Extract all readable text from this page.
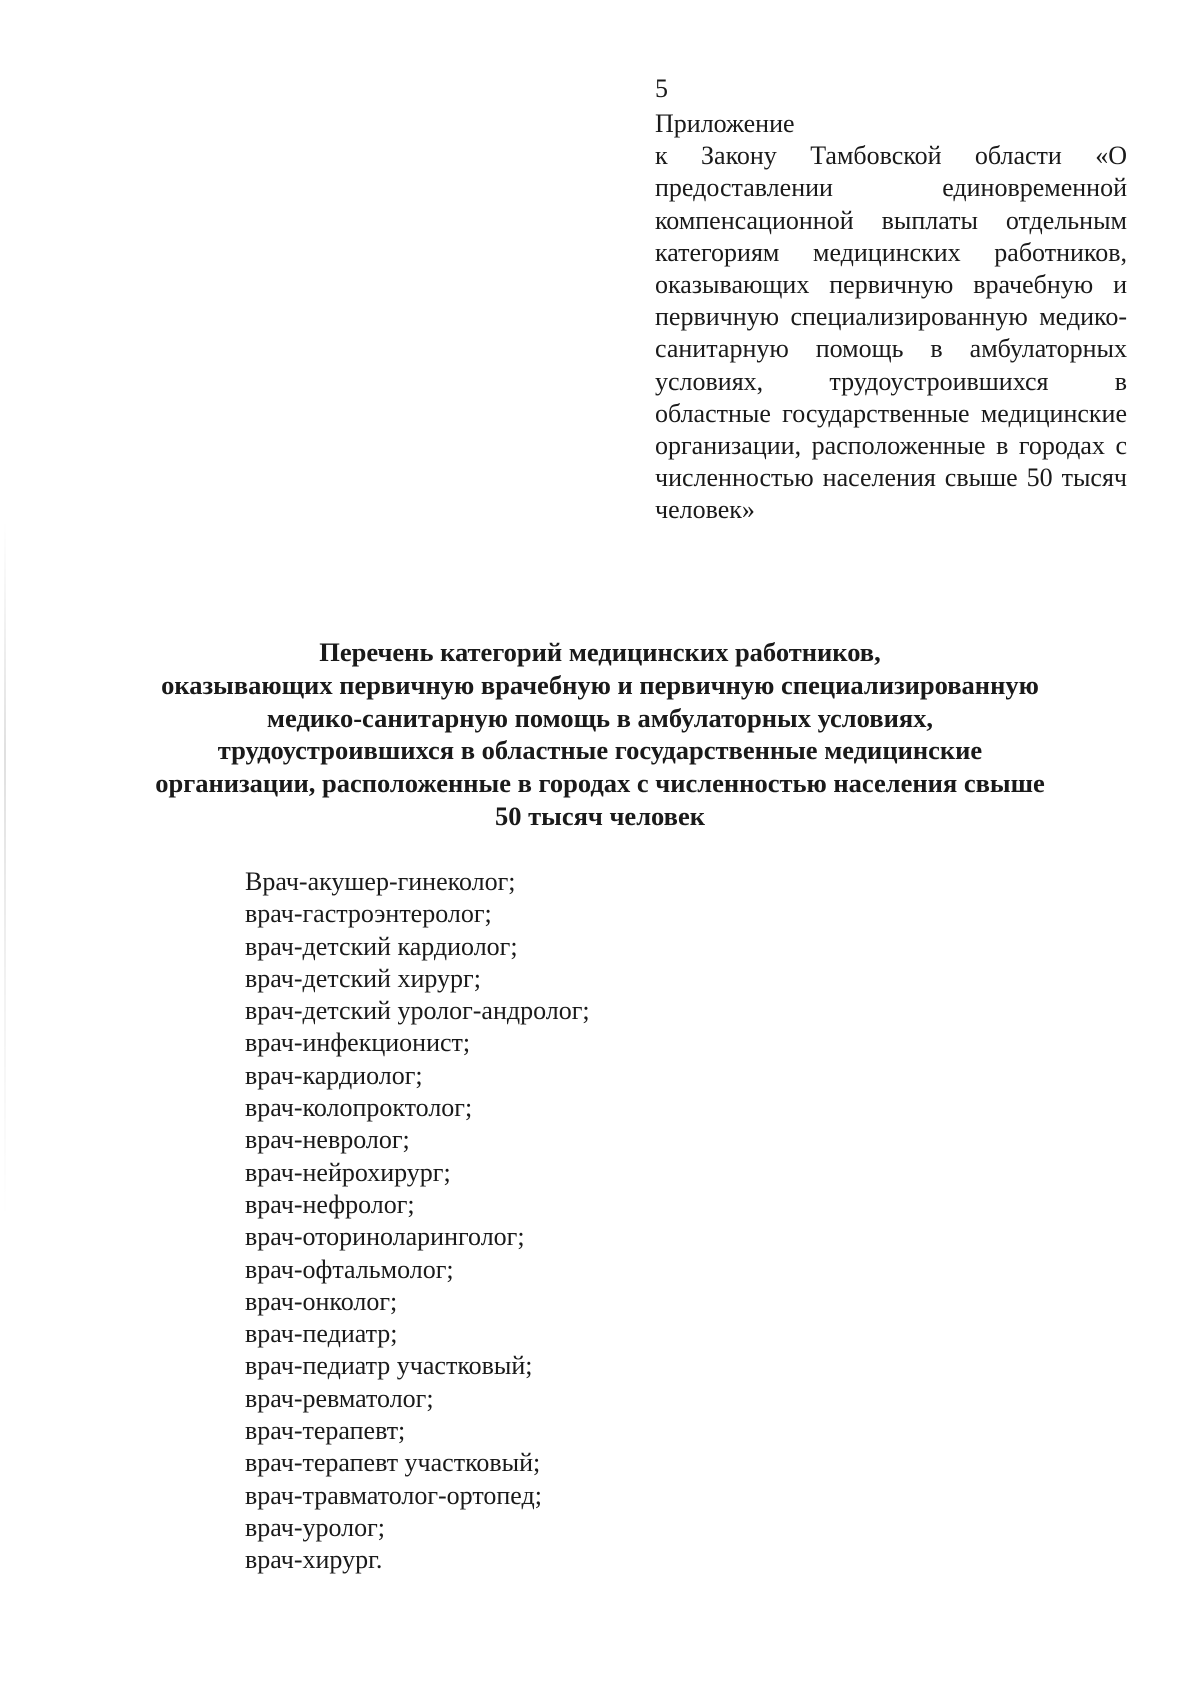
5
Приложение

к Закону Тамбовской области «О предоставлении единовременной компенсационной выплаты отдельным категориям медицинских работников, оказывающих первичную врачебную и первичную специализированную медико-санитарную помощь в амбулаторных условиях, трудоустроившихся в областные государственные медицинские организации, расположенные в городах с численностью населения свыше 50 тысяч человек»

Перечень категорий медицинских работников,
оказывающих первичную врачебную и первичную специализированную
медико-санитарную помощь в амбулаторных условиях,
трудоустроившихся в областные государственные медицинские
организации, расположенные в городах с численностью населения свыше
50 тысяч человек
Врач-акушер-гинеколог;
врач-гастроэнтеролог;
врач-детский кардиолог;
врач-детский хирург;
врач-детский уролог-андролог;
врач-инфекционист;
врач-кардиолог;
врач-колопроктолог;
врач-невролог;
врач-нейрохирург;
врач-нефролог;
врач-оториноларинголог;
врач-офтальмолог;
врач-онколог;
врач-педиатр;
врач-педиатр участковый;
врач-ревматолог;
врач-терапевт;
врач-терапевт участковый;
врач-травматолог-ортопед;
врач-уролог;
врач-хирург.
